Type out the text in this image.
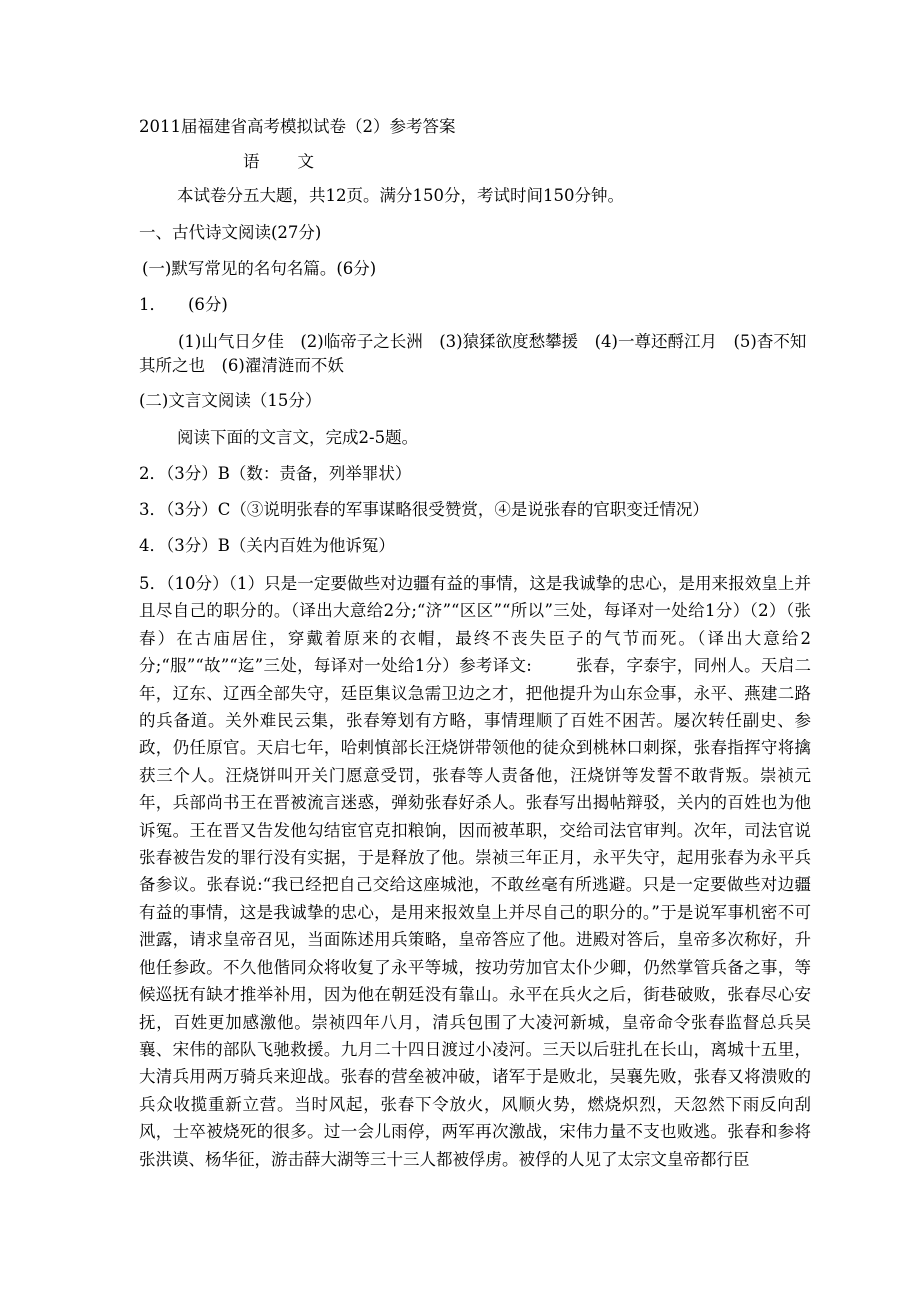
2011届福建省高考模拟试卷（2）参考答案

语 文

本试卷分五大题，共12页。满分150分，考试时间150分钟。

一、古代诗文阅读(27分)

(一)默写常见的名句名篇。(6分)

1． (6分)

(1)山气日夕佳　(2)临帝子之长洲　(3)猿猱欲度愁攀援　(4)一尊还酹江月　(5)杳不知其所之也　(6)濯清涟而不妖

(二)文言文阅读（15分）

阅读下面的文言文，完成2-5题。

2．（3分）B（数：责备，列举罪状）

3．（3分）C（③说明张春的军事谋略很受赞赏，④是说张春的官职变迁情况）

4．（3分）B（关内百姓为他诉冤）

5．（10分）（1）只是一定要做些对边疆有益的事情，这是我诚挚的忠心，是用来报效皇上并且尽自己的职分的。（译出大意给2分;“济”“区区”“所以”三处，每译对一处给1分）（2）（张春）在古庙居住，穿戴着原来的衣帽，最终不丧失臣子的气节而死。（译出大意给2分;“服”“故”“迄”三处，每译对一处给1分）参考译文:	张春，字泰宇，同州人。天启二年，辽东、辽西全部失守，廷臣集议急需卫边之才，把他提升为山东佥事，永平、燕建二路的兵备道。关外难民云集，张春筹划有方略，事情理顺了百姓不困苦。屡次转任副史、参政，仍任原官。天启七年，哈剌慎部长汪烧饼带领他的徒众到桃林口刺探，张春指挥守将擒获三个人。汪烧饼叫开关门愿意受罚，张春等人责备他，汪烧饼等发誓不敢背叛。崇祯元年，兵部尚书王在晋被流言迷惑，弹劾张春好杀人。张春写出揭帖辩驳，关内的百姓也为他诉冤。王在晋又告发他勾结宦官克扣粮饷，因而被革职，交给司法官审判。次年，司法官说张春被告发的罪行没有实据，于是释放了他。崇祯三年正月，永平失守，起用张春为永平兵备参议。张春说:“我已经把自己交给这座城池，不敢丝毫有所逃避。只是一定要做些对边疆有益的事情，这是我诚挚的忠心，是用来报效皇上并尽自己的职分的。”于是说军事机密不可泄露，请求皇帝召见，当面陈述用兵策略，皇帝答应了他。进殿对答后，皇帝多次称好，升他任参政。不久他偕同众将收复了永平等城，按功劳加官太仆少卿，仍然掌管兵备之事，等候巡抚有缺才推举补用，因为他在朝廷没有靠山。永平在兵火之后，街巷破败，张春尽心安抚，百姓更加感激他。崇祯四年八月，清兵包围了大凌河新城，皇帝命令张春监督总兵吴襄、宋伟的部队飞驰救援。九月二十四日渡过小凌河。三天以后驻扎在长山，离城十五里，大清兵用两万骑兵来迎战。张春的营垒被冲破，诸军于是败北，吴襄先败，张春又将溃败的兵众收揽重新立营。当时风起，张春下令放火，风顺火势，燃烧炽烈，天忽然下雨反向刮风，士卒被烧死的很多。过一会儿雨停，两军再次激战，宋伟力量不支也败逃。张春和参将张洪谟、杨华征，游击薛大湖等三十三人都被俘虏。被俘的人见了太宗文皇帝都行臣
